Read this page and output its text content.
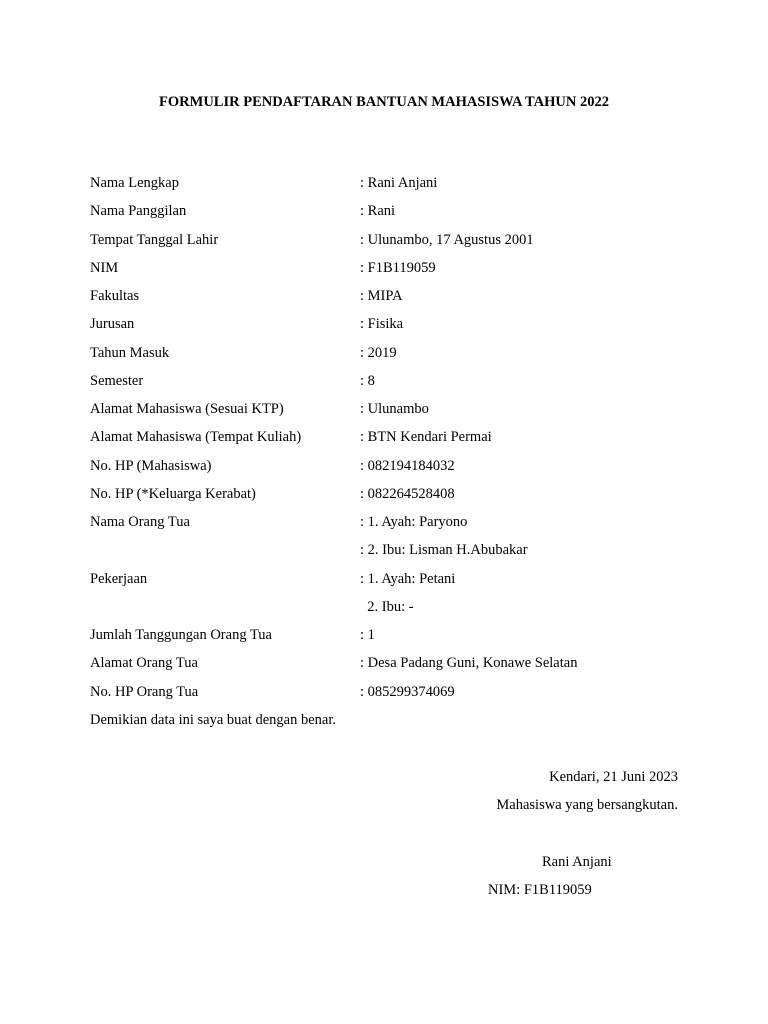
FORMULIR PENDAFTARAN BANTUAN MAHASISWA TAHUN 2022
Nama Lengkap	: Rani Anjani
Nama Panggilan	: Rani
Tempat Tanggal Lahir	: Ulunambo, 17 Agustus 2001
NIM	: F1B119059
Fakultas	: MIPA
Jurusan	: Fisika
Tahun Masuk	: 2019
Semester	: 8
Alamat Mahasiswa (Sesuai KTP)	: Ulunambo
Alamat Mahasiswa (Tempat Kuliah)	: BTN Kendari Permai
No. HP (Mahasiswa)	: 082194184032
No. HP (*Keluarga Kerabat)	: 082264528408
Nama Orang Tua	: 1. Ayah: Paryono
: 2. Ibu: Lisman H.Abubakar
Pekerjaan	: 1. Ayah: Petani
2. Ibu: -
Jumlah Tanggungan Orang Tua	: 1
Alamat Orang Tua	: Desa Padang Guni, Konawe Selatan
No. HP Orang Tua	: 085299374069
Demikian data ini saya buat dengan benar.
Kendari, 21 Juni 2023
Mahasiswa yang bersangkutan.
Rani Anjani
NIM: F1B119059
